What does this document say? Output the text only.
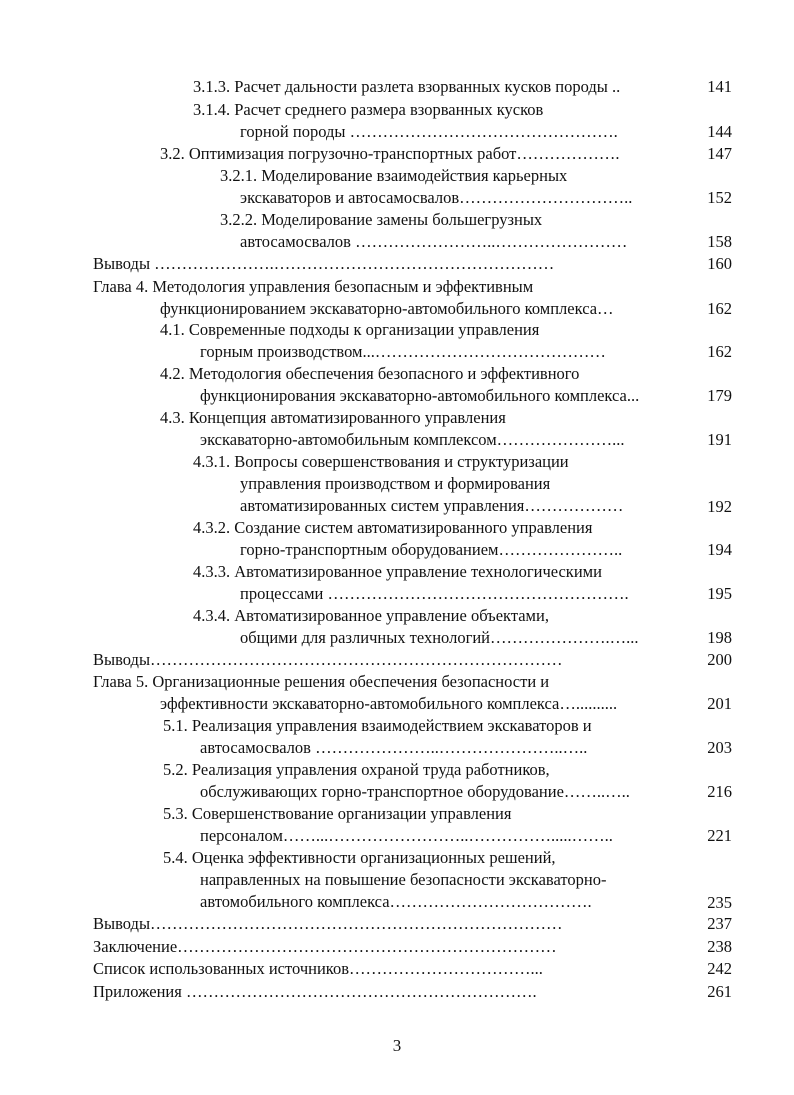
3.1.3. Расчет дальности разлета взорванных кусков породы ..	141
3.1.4. Расчет среднего размера взорванных кусков
горной породы ………………………………………….	144
3.2. Оптимизация погрузочно-транспортных работ……………….	147
3.2.1. Моделирование взаимодействия карьерных
экскаваторов и автосамосвалов…………………………..	152
3.2.2. Моделирование замены большегрузных
автосамосвалов ……………………..……………………	158
Выводы ………………….……………………………………………	160
Глава 4. Методология управления безопасным и эффективным
функционированием экскаваторно-автомобильного комплекса…	162
4.1. Современные подходы к организации управления
горным производством...……………………………………	162
4.2. Методология обеспечения безопасного и эффективного
функционирования экскаваторно-автомобильного комплекса...	179
4.3. Концепция автоматизированного управления
экскаваторно-автомобильным комплексом…………………...	191
4.3.1. Вопросы совершенствования и структуризации
управления производством и формирования
автоматизированных систем управления………………	192
4.3.2. Создание систем автоматизированного управления
горно-транспортным оборудованием…………………..	194
4.3.3. Автоматизированное управление технологическими
процессами ……………………………………………….	195
4.3.4. Автоматизированное управление объектами,
общими для различных технологий………………….…...	198
Выводы…………………………………………………………………	200
Глава 5. Организационные решения обеспечения безопасности и
эффективности экскаваторно-автомобильного комплекса…..........	201
5.1. Реализация управления взаимодействием экскаваторов и
автосамосвалов …………………..…………………..…..	203
5.2. Реализация управления охраной труда работников,
обслуживающих горно-транспортное оборудование……..…..	216
5.3. Совершенствование организации управления
персоналом……...……………………..…………….....……..	221
5.4. Оценка эффективности организационных решений,
направленных на повышение безопасности экскаваторно-
автомобильного комплекса……………………………….	235
Выводы…………………………………………………………………	237
Заключение……………………………………………………………	238
Список использованных источников……………………………...	242
Приложения ……………………………………………………….	261
3
